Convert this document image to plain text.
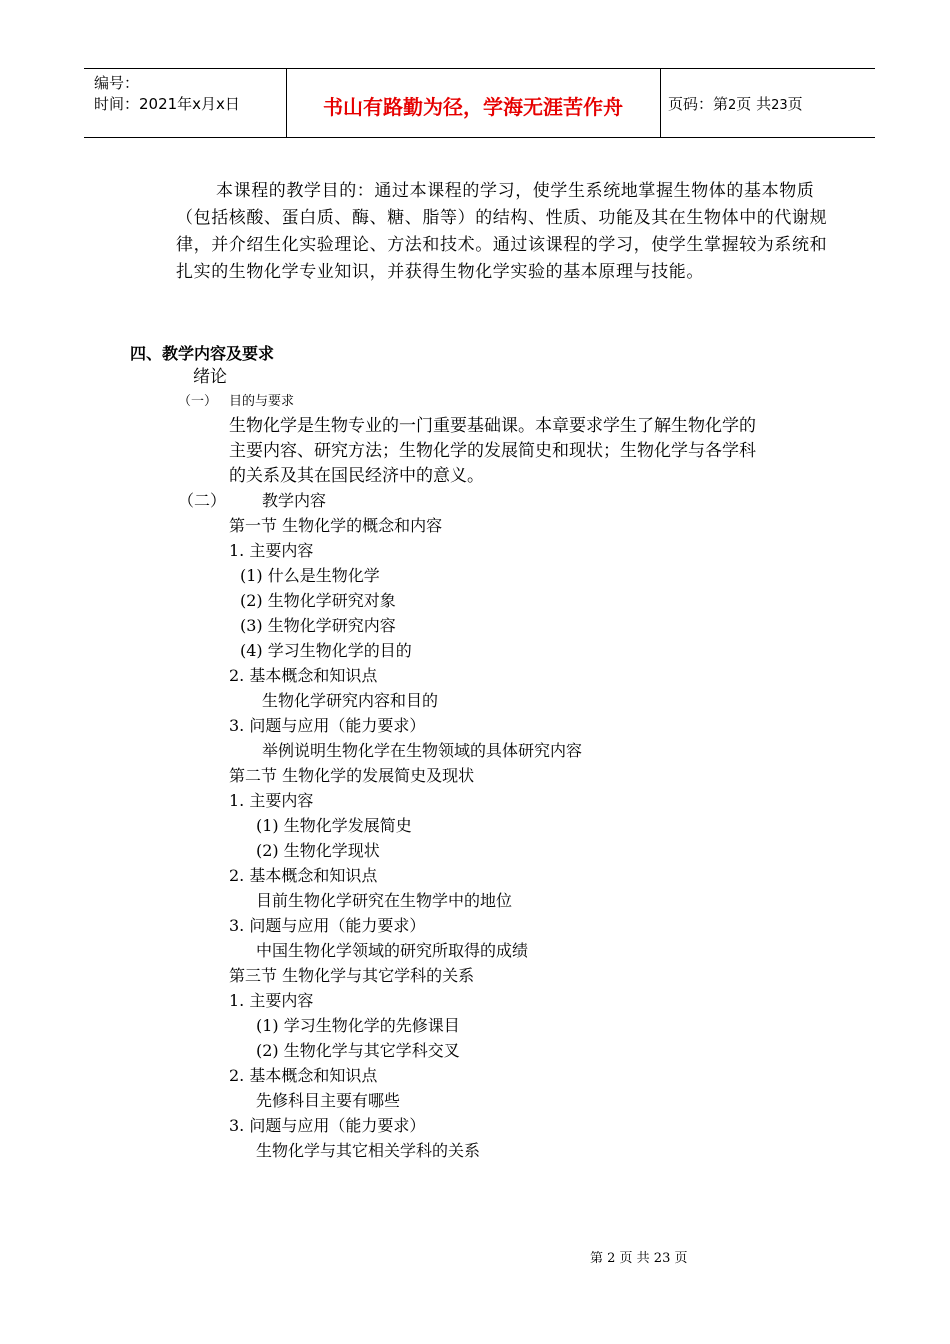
编号：
时间：2021年x月x日	书山有路勤为径，学海无涯苦作舟	页码：第2页 共23页
本课程的教学目的：通过本课程的学习，使学生系统地掌握生物体的基本物质（包括核酸、蛋白质、酶、糖、脂等）的结构、性质、功能及其在生物体中的代谢规律，并介绍生化实验理论、方法和技术。通过该课程的学习，使学生掌握较为系统和扎实的生物化学专业知识，并获得生物化学实验的基本原理与技能。
四、教学内容及要求
绪论
（一） 目的与要求
生物化学是生物专业的一门重要基础课。本章要求学生了解生物化学的
主要内容、研究方法；生物化学的发展简史和现状；生物化学与各学科
的关系及其在国民经济中的意义。
（二） 教学内容
第一节 生物化学的概念和内容
1. 主要内容
(1) 什么是生物化学
(2) 生物化学研究对象
(3) 生物化学研究内容
(4) 学习生物化学的目的
2. 基本概念和知识点
生物化学研究内容和目的
3. 问题与应用（能力要求）
举例说明生物化学在生物领域的具体研究内容
第二节 生物化学的发展简史及现状
1. 主要内容
(1) 生物化学发展简史
(2) 生物化学现状
2. 基本概念和知识点
目前生物化学研究在生物学中的地位
3. 问题与应用（能力要求）
中国生物化学领域的研究所取得的成绩
第三节 生物化学与其它学科的关系
1. 主要内容
(1) 学习生物化学的先修课目
(2) 生物化学与其它学科交叉
2. 基本概念和知识点
先修科目主要有哪些
3. 问题与应用（能力要求）
生物化学与其它相关学科的关系
第 2 页 共 23 页
